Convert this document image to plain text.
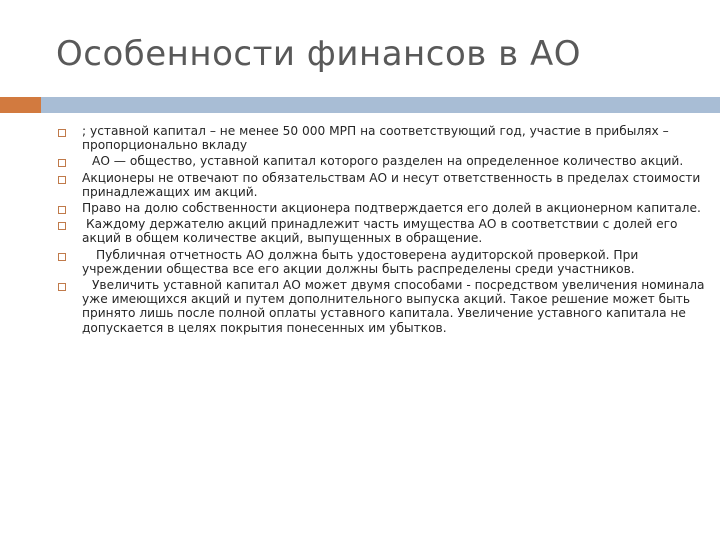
Особенности финансов в АО
; уставной капитал – не менее 50 000 МРП на соответствующий год, участие в прибылях – пропорционально вкладу
АО — общество, уставной капитал которого разделен на определенное количество акций.
Акционеры не отвечают по обязательствам АО и несут ответственность в пределах стоимости принадлежащих им акций.
Право на долю собственности акционера подтверждается его долей в акционерном капитале.
Каждому держателю акций принадлежит часть имущества АО в соответствии с долей его акций в общем количестве акций, выпущенных в обращение.
Публичная отчетность АО должна быть удостоверена аудиторской проверкой. При учреждении общества все его акции должны быть распределены среди участников.
Увеличить уставной капитал АО может двумя способами - посредством увеличения номинала уже имеющихся акций и путем дополнительного выпуска акций. Такое решение может быть принято лишь после полной оплаты уставного капитала. Увеличение уставного капитала не допускается в целях покрытия понесенных им убытков.
